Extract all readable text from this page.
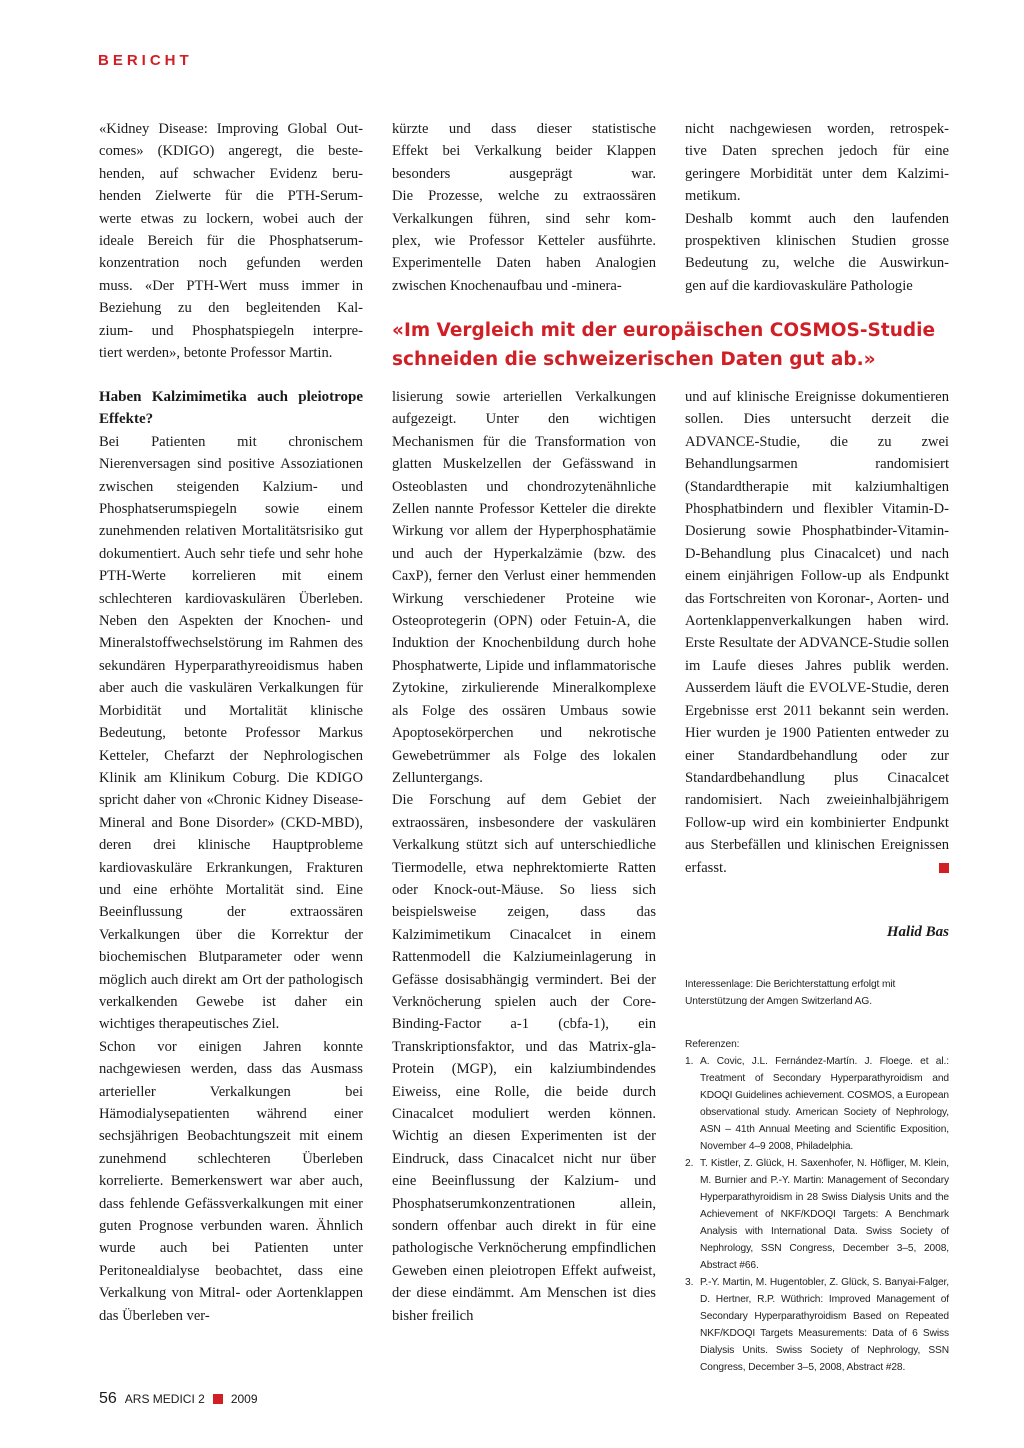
BERICHT

«Kidney Disease: Improving Global Out-
comes» (KDIGO) angeregt, die beste-
henden, auf schwacher Evidenz beru-
henden Zielwerte für die PTH-Serum-
werte etwas zu lockern, wobei auch der
ideale Bereich für die Phosphatserum-
konzentration noch gefunden werden
muss. «Der PTH-Wert muss immer in
Beziehung zu den begleitenden Kal-
zium- und Phosphatspiegeln interpre-
tiert werden», betonte Professor Martin.

Haben Kalzimimetika auch pleiotrope Effekte?

Bei Patienten mit chronischem Nierenversagen sind positive Assoziationen zwischen steigenden Kalzium- und Phosphatserumspiegeln sowie einem zunehmenden relativen Mortalitätsrisiko gut dokumentiert. Auch sehr tiefe und sehr hohe PTH-Werte korrelieren mit einem schlechteren kardiovaskulären Überleben. Neben den Aspekten der Knochen- und Mineralstoffwechselstörung im Rahmen des sekundären Hyperparathyreoidismus haben aber auch die vaskulären Verkalkungen für Morbidität und Mortalität klinische Bedeutung, betonte Professor Markus Ketteler, Chefarzt der Nephrologischen Klinik am Klinikum Coburg. Die KDIGO spricht daher von «Chronic Kidney Disease-Mineral and Bone Disorder» (CKD-MBD), deren drei klinische Hauptprobleme kardiovaskuläre Erkrankungen, Frakturen und eine erhöhte Mortalität sind. Eine Beeinflussung der extraossären Verkalkungen über die Korrektur der biochemischen Blutparameter oder wenn möglich auch direkt am Ort der pathologisch verkalkenden Gewebe ist daher ein wichtiges therapeutisches Ziel.

Schon vor einigen Jahren konnte nachgewiesen werden, dass das Ausmass arterieller Verkalkungen bei Hämodialysepatienten während einer sechsjährigen Beobachtungszeit mit einem zunehmend schlechteren Überleben korrelierte. Bemerkenswert war aber auch, dass fehlende Gefässverkalkungen mit einer guten Prognose verbunden waren. Ähnlich wurde auch bei Patienten unter Peritonealdialyse beobachtet, dass eine Verkalkung von Mitral- oder Aortenklappen das Überleben ver-

kürzte und dass dieser statistische
Effekt bei Verkalkung beider Klappen
besonders ausgeprägt war.
Die Prozesse, welche zu extraossären
Verkalkungen führen, sind sehr kom-
plex, wie Professor Ketteler ausführte.
Experimentelle Daten haben Analogien
zwischen Knochenaufbau und -minera-

«Im Vergleich mit der europäischen COSMOS-Studie
schneiden die schweizerischen Daten gut ab.»

lisierung sowie arteriellen Verkalkungen aufgezeigt. Unter den wichtigen Mechanismen für die Transformation von glatten Muskelzellen der Gefässwand in Osteoblasten und chondrozytenähnliche Zellen nannte Professor Ketteler die direkte Wirkung vor allem der Hyperphosphatämie und auch der Hyperkalzämie (bzw. des CaxP), ferner den Verlust einer hemmenden Wirkung verschiedener Proteine wie Osteoprotegerin (OPN) oder Fetuin-A, die Induktion der Knochenbildung durch hohe Phosphatwerte, Lipide und inflammatorische Zytokine, zirkulierende Mineralkomplexe als Folge des ossären Umbaus sowie Apoptosekörperchen und nekrotische Gewebetrümmer als Folge des lokalen Zelluntergangs.

Die Forschung auf dem Gebiet der extraossären, insbesondere der vaskulären Verkalkung stützt sich auf unterschiedliche Tiermodelle, etwa nephrektomierte Ratten oder Knock-out-Mäuse. So liess sich beispielsweise zeigen, dass das Kalzimimetikum Cinacalcet in einem Rattenmodell die Kalziumeinlagerung in Gefässe dosisabhängig vermindert. Bei der Verknöcherung spielen auch der Core-Binding-Factor a-1 (cbfa-1), ein Transkriptionsfaktor, und das Matrix-gla-Protein (MGP), ein kalziumbindendes Eiweiss, eine Rolle, die beide durch Cinacalcet moduliert werden können. Wichtig an diesen Experimenten ist der Eindruck, dass Cinacalcet nicht nur über eine Beeinflussung der Kalzium- und Phosphatserumkonzentrationen allein, sondern offenbar auch direkt in für eine pathologische Verknöcherung empfindlichen Geweben einen pleiotropen Effekt aufweist, der diese eindämmt. Am Menschen ist dies bisher freilich

nicht nachgewiesen worden, retrospek-
tive Daten sprechen jedoch für eine
geringere Morbidität unter dem Kalzimi-
metikum.
Deshalb kommt auch den laufenden
prospektiven klinischen Studien grosse
Bedeutung zu, welche die Auswirkun-
gen auf die kardiovaskuläre Pathologie

und auf klinische Ereignisse dokumentieren sollen. Dies untersucht derzeit die ADVANCE-Studie, die zu zwei Behandlungsarmen randomisiert (Standardtherapie mit kalziumhaltigen Phosphatbindern und flexibler Vitamin-D-Dosierung sowie Phosphatbinder-Vitamin-D-Behandlung plus Cinacalcet) und nach einem einjährigen Follow-up als Endpunkt das Fortschreiten von Koronar-, Aorten- und Aortenklappenverkalkungen haben wird. Erste Resultate der ADVANCE-Studie sollen im Laufe dieses Jahres publik werden. Ausserdem läuft die EVOLVE-Studie, deren Ergebnisse erst 2011 bekannt sein werden. Hier wurden je 1900 Patienten entweder zu einer Standardbehandlung oder zur Standardbehandlung plus Cinacalcet randomisiert. Nach zweieinhalbjährigem Follow-up wird ein kombinierter Endpunkt aus Sterbefällen und klinischen Ereignissen erfasst.

Halid Bas
Interessenlage: Die Berichterstattung erfolgt mit Unterstützung der Amgen Switzerland AG.
Referenzen:
1. A. Covic, J.L. Fernández-Martín. J. Floege. et al.: Treatment of Secondary Hyperparathyroidism and KDOQI Guidelines achievement. COSMOS, a European observational study. American Society of Nephrology, ASN – 41th Annual Meeting and Scientific Exposition, November 4–9 2008, Philadelphia.
2. T. Kistler, Z. Glück, H. Saxenhofer, N. Höfliger, M. Klein, M. Burnier and P.-Y. Martin: Management of Secondary Hyperparathyroidism in 28 Swiss Dialysis Units and the Achievement of NKF/KDOQI Targets: A Benchmark Analysis with International Data. Swiss Society of Nephrology, SSN Congress, December 3–5, 2008, Abstract #66.
3. P.-Y. Martin, M. Hugentobler, Z. Glück, S. Banyai-Falger, D. Hertner, R.P. Wüthrich: Improved Management of Secondary Hyperparathyroidism Based on Repeated NKF/KDOQI Targets Measurements: Data of 6 Swiss Dialysis Units. Swiss Society of Nephrology, SSN Congress, December 3–5, 2008, Abstract #28.
56 ARS MEDICI 2 2009
